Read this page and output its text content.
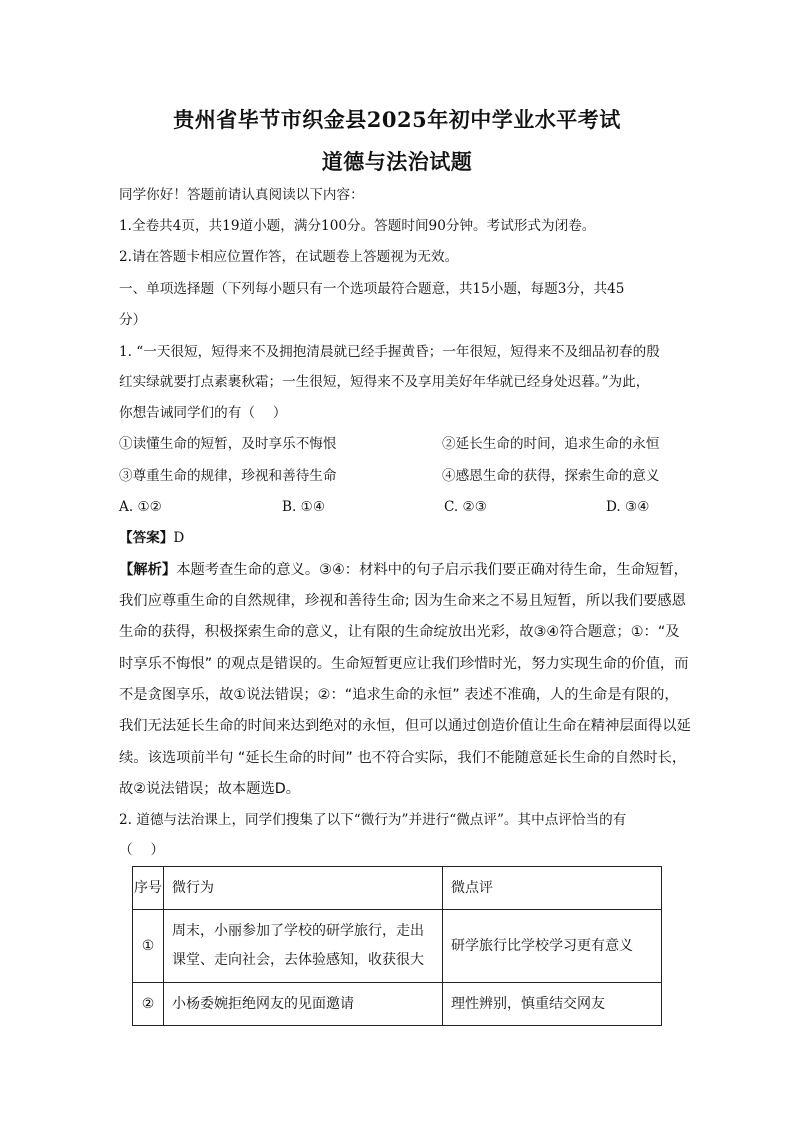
贵州省毕节市织金县2025年初中学业水平考试
道德与法治试题
同学你好！答题前请认真阅读以下内容：
1.全卷共4页，共19道小题，满分100分。答题时间90分钟。考试形式为闭卷。
2.请在答题卡相应位置作答，在试题卷上答题视为无效。
一、单项选择题（下列每小题只有一个选项最符合题意，共15小题，每题3分，共45
分）
1. “一天很短，短得来不及拥抱清晨就已经手握黄昏；一年很短，短得来不及细品初春的殷
红实绿就要打点素裹秋霜；一生很短，短得来不及享用美好年华就已经身处迟暮。”为此，
你想告诫同学们的有（　 ）
①读懂生命的短暂，及时享乐不悔恨	②延长生命的时间，追求生命的永恒
③尊重生命的规律，珍视和善待生命	④感恩生命的获得，探索生命的意义
A. ①②	B. ①④	C. ②③	D. ③④
【答案】D
【解析】本题考查生命的意义。③④：材料中的句子启示我们要正确对待生命，生命短暂，
我们应尊重生命的自然规律，珍视和善待生命; 因为生命来之不易且短暂，所以我们要感恩
生命的获得，积极探索生命的意义，让有限的生命绽放出光彩，故③④符合题意；①：“及
时享乐不悔恨” 的观点是错误的。生命短暂更应让我们珍惜时光，努力实现生命的价值，而
不是贪图享乐，故①说法错误；②：“追求生命的永恒” 表述不准确，人的生命是有限的，
我们无法延长生命的时间来达到绝对的永恒，但可以通过创造价值让生命在精神层面得以延
续。该选项前半句 “延长生命的时间” 也不符合实际，我们不能随意延长生命的自然时长，
故②说法错误；故本题选D。
2. 道德与法治课上，同学们搜集了以下“微行为”并进行“微点评”。其中点评恰当的有
（　 ）
序号	微行为	微点评
①	周末，小丽参加了学校的研学旅行，走出
课堂、走向社会，去体验感知，收获很大	研学旅行比学校学习更有意义
②	小杨委婉拒绝网友的见面邀请	理性辨别，慎重结交网友
